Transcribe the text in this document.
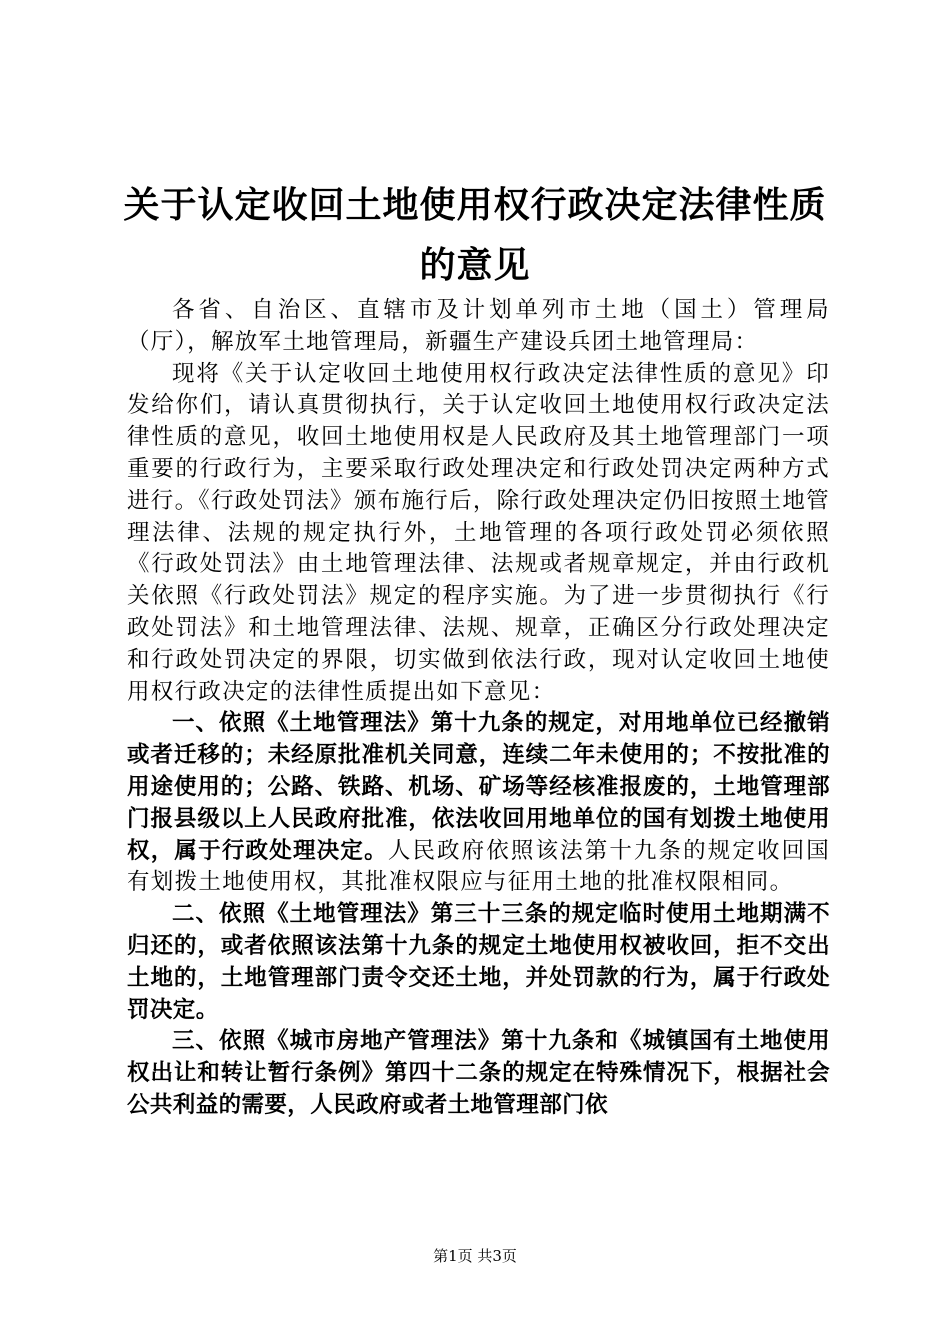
关于认定收回土地使用权行政决定法律性质的意见

各省、自治区、直辖市及计划单列市土地（国土）管理局（厅），解放军土地管理局，新疆生产建设兵团土地管理局：

现将《关于认定收回土地使用权行政决定法律性质的意见》印发给你们，请认真贯彻执行，关于认定收回土地使用权行政决定法律性质的意见，收回土地使用权是人民政府及其土地管理部门一项重要的行政行为，主要采取行政处理决定和行政处罚决定两种方式进行。《行政处罚法》颁布施行后，除行政处理决定仍旧按照土地管理法律、法规的规定执行外，土地管理的各项行政处罚必须依照《行政处罚法》由土地管理法律、法规或者规章规定，并由行政机关依照《行政处罚法》规定的程序实施。为了进一步贯彻执行《行政处罚法》和土地管理法律、法规、规章，正确区分行政处理决定和行政处罚决定的界限，切实做到依法行政，现对认定收回土地使用权行政决定的法律性质提出如下意见：

一、依照《土地管理法》第十九条的规定，对用地单位已经撤销或者迁移的；未经原批准机关同意，连续二年未使用的；不按批准的用途使用的；公路、铁路、机场、矿场等经核准报废的，土地管理部门报县级以上人民政府批准，依法收回用地单位的国有划拨土地使用权，属于行政处理决定。人民政府依照该法第十九条的规定收回国有划拨土地使用权，其批准权限应与征用土地的批准权限相同。

二、依照《土地管理法》第三十三条的规定临时使用土地期满不归还的，或者依照该法第十九条的规定土地使用权被收回，拒不交出土地的，土地管理部门责令交还土地，并处罚款的行为，属于行政处罚决定。

三、依照《城市房地产管理法》第十九条和《城镇国有土地使用权出让和转让暂行条例》第四十二条的规定在特殊情况下，根据社会公共利益的需要，人民政府或者土地管理部门依

第1页 共3页
